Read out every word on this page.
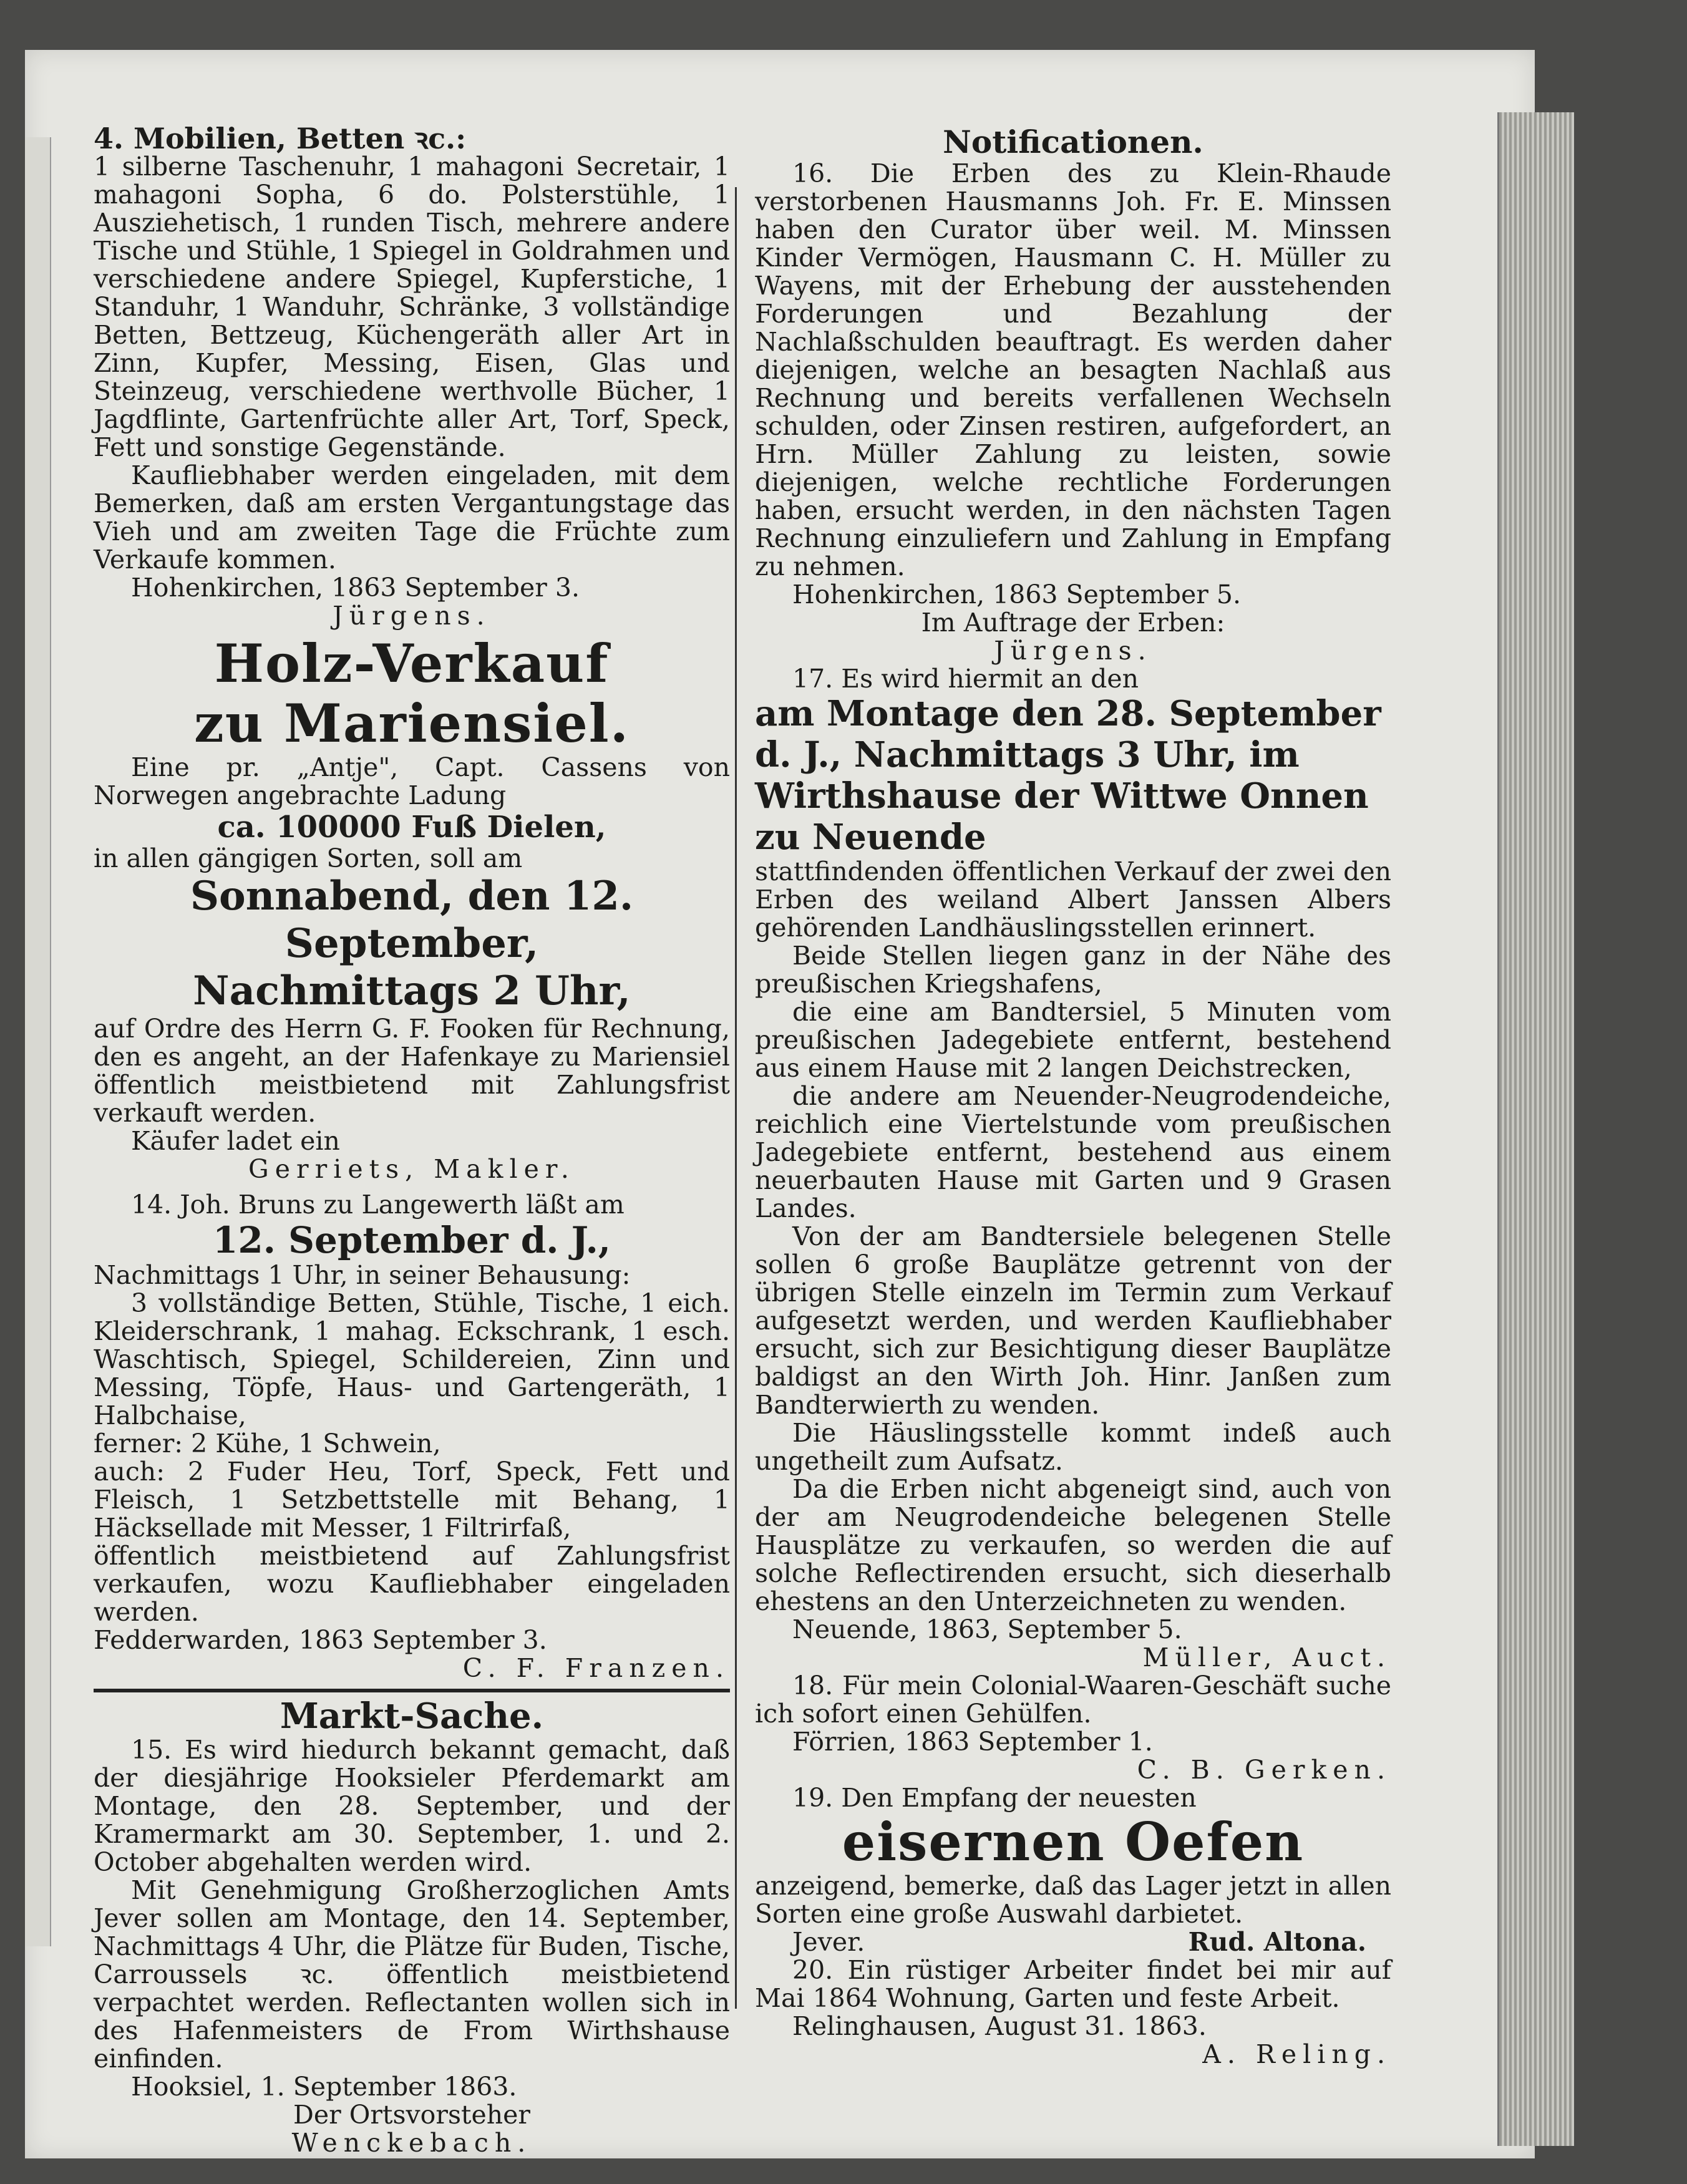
4. Mobilien, Betten ꝛc.:

1 silberne Taschenuhr, 1 mahagoni Secretair, 1 mahagoni Sopha, 6 do. Polsterstühle, 1 Ausziehetisch, 1 runden Tisch, mehrere andere Tische und Stühle, 1 Spiegel in Goldrahmen und verschiedene andere Spiegel, Kupferstiche, 1 Standuhr, 1 Wanduhr, Schränke, 3 vollständige Betten, Bettzeug, Küchengeräth aller Art in Zinn, Kupfer, Messing, Eisen, Glas und Steinzeug, verschiedene werthvolle Bücher, 1 Jagdflinte, Gartenfrüchte aller Art, Torf, Speck, Fett und sonstige Gegenstände.

Kaufliebhaber werden eingeladen, mit dem Bemerken, daß am ersten Vergantungstage das Vieh und am zweiten Tage die Früchte zum Verkaufe kommen.

Hohenkirchen, 1863 September 3.

Jürgens.

Holz-Verkauf

zu Mariensiel.

Eine pr. „Antje", Capt. Cassens von Norwegen angebrachte Ladung

ca. 100000 Fuß Dielen,

in allen gängigen Sorten, soll am

Sonnabend, den 12. September,

Nachmittags 2 Uhr,

auf Ordre des Herrn G. F. Fooken für Rechnung, den es angeht, an der Hafenkaye zu Mariensiel öffentlich meistbietend mit Zahlungsfrist verkauft werden.

Käufer ladet ein

Gerriets, Makler.

14. Joh. Bruns zu Langewerth läßt am

12. September d. J.,

Nachmittags 1 Uhr, in seiner Behausung:

3 vollständige Betten, Stühle, Tische, 1 eich. Kleiderschrank, 1 mahag. Eckschrank, 1 esch. Waschtisch, Spiegel, Schildereien, Zinn und Messing, Töpfe, Haus- und Gartengeräth, 1 Halbchaise,

ferner: 2 Kühe, 1 Schwein,

auch: 2 Fuder Heu, Torf, Speck, Fett und Fleisch, 1 Setzbettstelle mit Behang, 1 Häcksellade mit Messer, 1 Filtrirfaß,

öffentlich meistbietend auf Zahlungsfrist verkaufen, wozu Kaufliebhaber eingeladen werden.

Fedderwarden, 1863 September 3.

C. F. Franzen.

Markt-Sache.

15. Es wird hiedurch bekannt gemacht, daß der diesjährige Hooksieler Pferdemarkt am Montage, den 28. September, und der Kramermarkt am 30. September, 1. und 2. October abgehalten werden wird.

Mit Genehmigung Großherzoglichen Amts Jever sollen am Montage, den 14. September, Nachmittags 4 Uhr, die Plätze für Buden, Tische, Carroussels ꝛc. öffentlich meistbietend verpachtet werden. Reflectanten wollen sich in des Hafenmeisters de From Wirthshause einfinden.

Hooksiel, 1. September 1863.

Der Ortsvorsteher

Wenckebach.

Notificationen.

16. Die Erben des zu Klein-Rhaude verstorbenen Hausmanns Joh. Fr. E. Minssen haben den Curator über weil. M. Minssen Kinder Vermögen, Hausmann C. H. Müller zu Wayens, mit der Erhebung der ausstehenden Forderungen und Bezahlung der Nachlaßschulden beauftragt. Es werden daher diejenigen, welche an besagten Nachlaß aus Rechnung und bereits verfallenen Wechseln schulden, oder Zinsen restiren, aufgefordert, an Hrn. Müller Zahlung zu leisten, sowie diejenigen, welche rechtliche Forderungen haben, ersucht werden, in den nächsten Tagen Rechnung einzuliefern und Zahlung in Empfang zu nehmen.

Hohenkirchen, 1863 September 5.

Im Auftrage der Erben:

Jürgens.

17. Es wird hiermit an den

am Montage den 28. September d. J., Nachmittags 3 Uhr, im Wirthshause der Wittwe Onnen zu Neuende

stattfindenden öffentlichen Verkauf der zwei den Erben des weiland Albert Janssen Albers gehörenden Landhäuslingsstellen erinnert.

Beide Stellen liegen ganz in der Nähe des preußischen Kriegshafens,

die eine am Bandtersiel, 5 Minuten vom preußischen Jadegebiete entfernt, bestehend aus einem Hause mit 2 langen Deichstrecken,

die andere am Neuender-Neugrodendeiche, reichlich eine Viertelstunde vom preußischen Jadegebiete entfernt, bestehend aus einem neuerbauten Hause mit Garten und 9 Grasen Landes.

Von der am Bandtersiele belegenen Stelle sollen 6 große Bauplätze getrennt von der übrigen Stelle einzeln im Termin zum Verkauf aufgesetzt werden, und werden Kaufliebhaber ersucht, sich zur Besichtigung dieser Bauplätze baldigst an den Wirth Joh. Hinr. Janßen zum Bandterwierth zu wenden.

Die Häuslingsstelle kommt indeß auch ungetheilt zum Aufsatz.

Da die Erben nicht abgeneigt sind, auch von der am Neugrodendeiche belegenen Stelle Hausplätze zu verkaufen, so werden die auf solche Reflectirenden ersucht, sich dieserhalb ehestens an den Unterzeichneten zu wenden.

Neuende, 1863, September 5.

Müller, Auct.

18. Für mein Colonial-Waaren-Geschäft suche ich sofort einen Gehülfen.

Förrien, 1863 September 1.

C. B. Gerken.

19. Den Empfang der neuesten

eisernen Oefen

anzeigend, bemerke, daß das Lager jetzt in allen Sorten eine große Auswahl darbietet.

Jever.	Rud. Altona.

20. Ein rüstiger Arbeiter findet bei mir auf Mai 1864 Wohnung, Garten und feste Arbeit.

Relinghausen, August 31. 1863.

A. Reling.
